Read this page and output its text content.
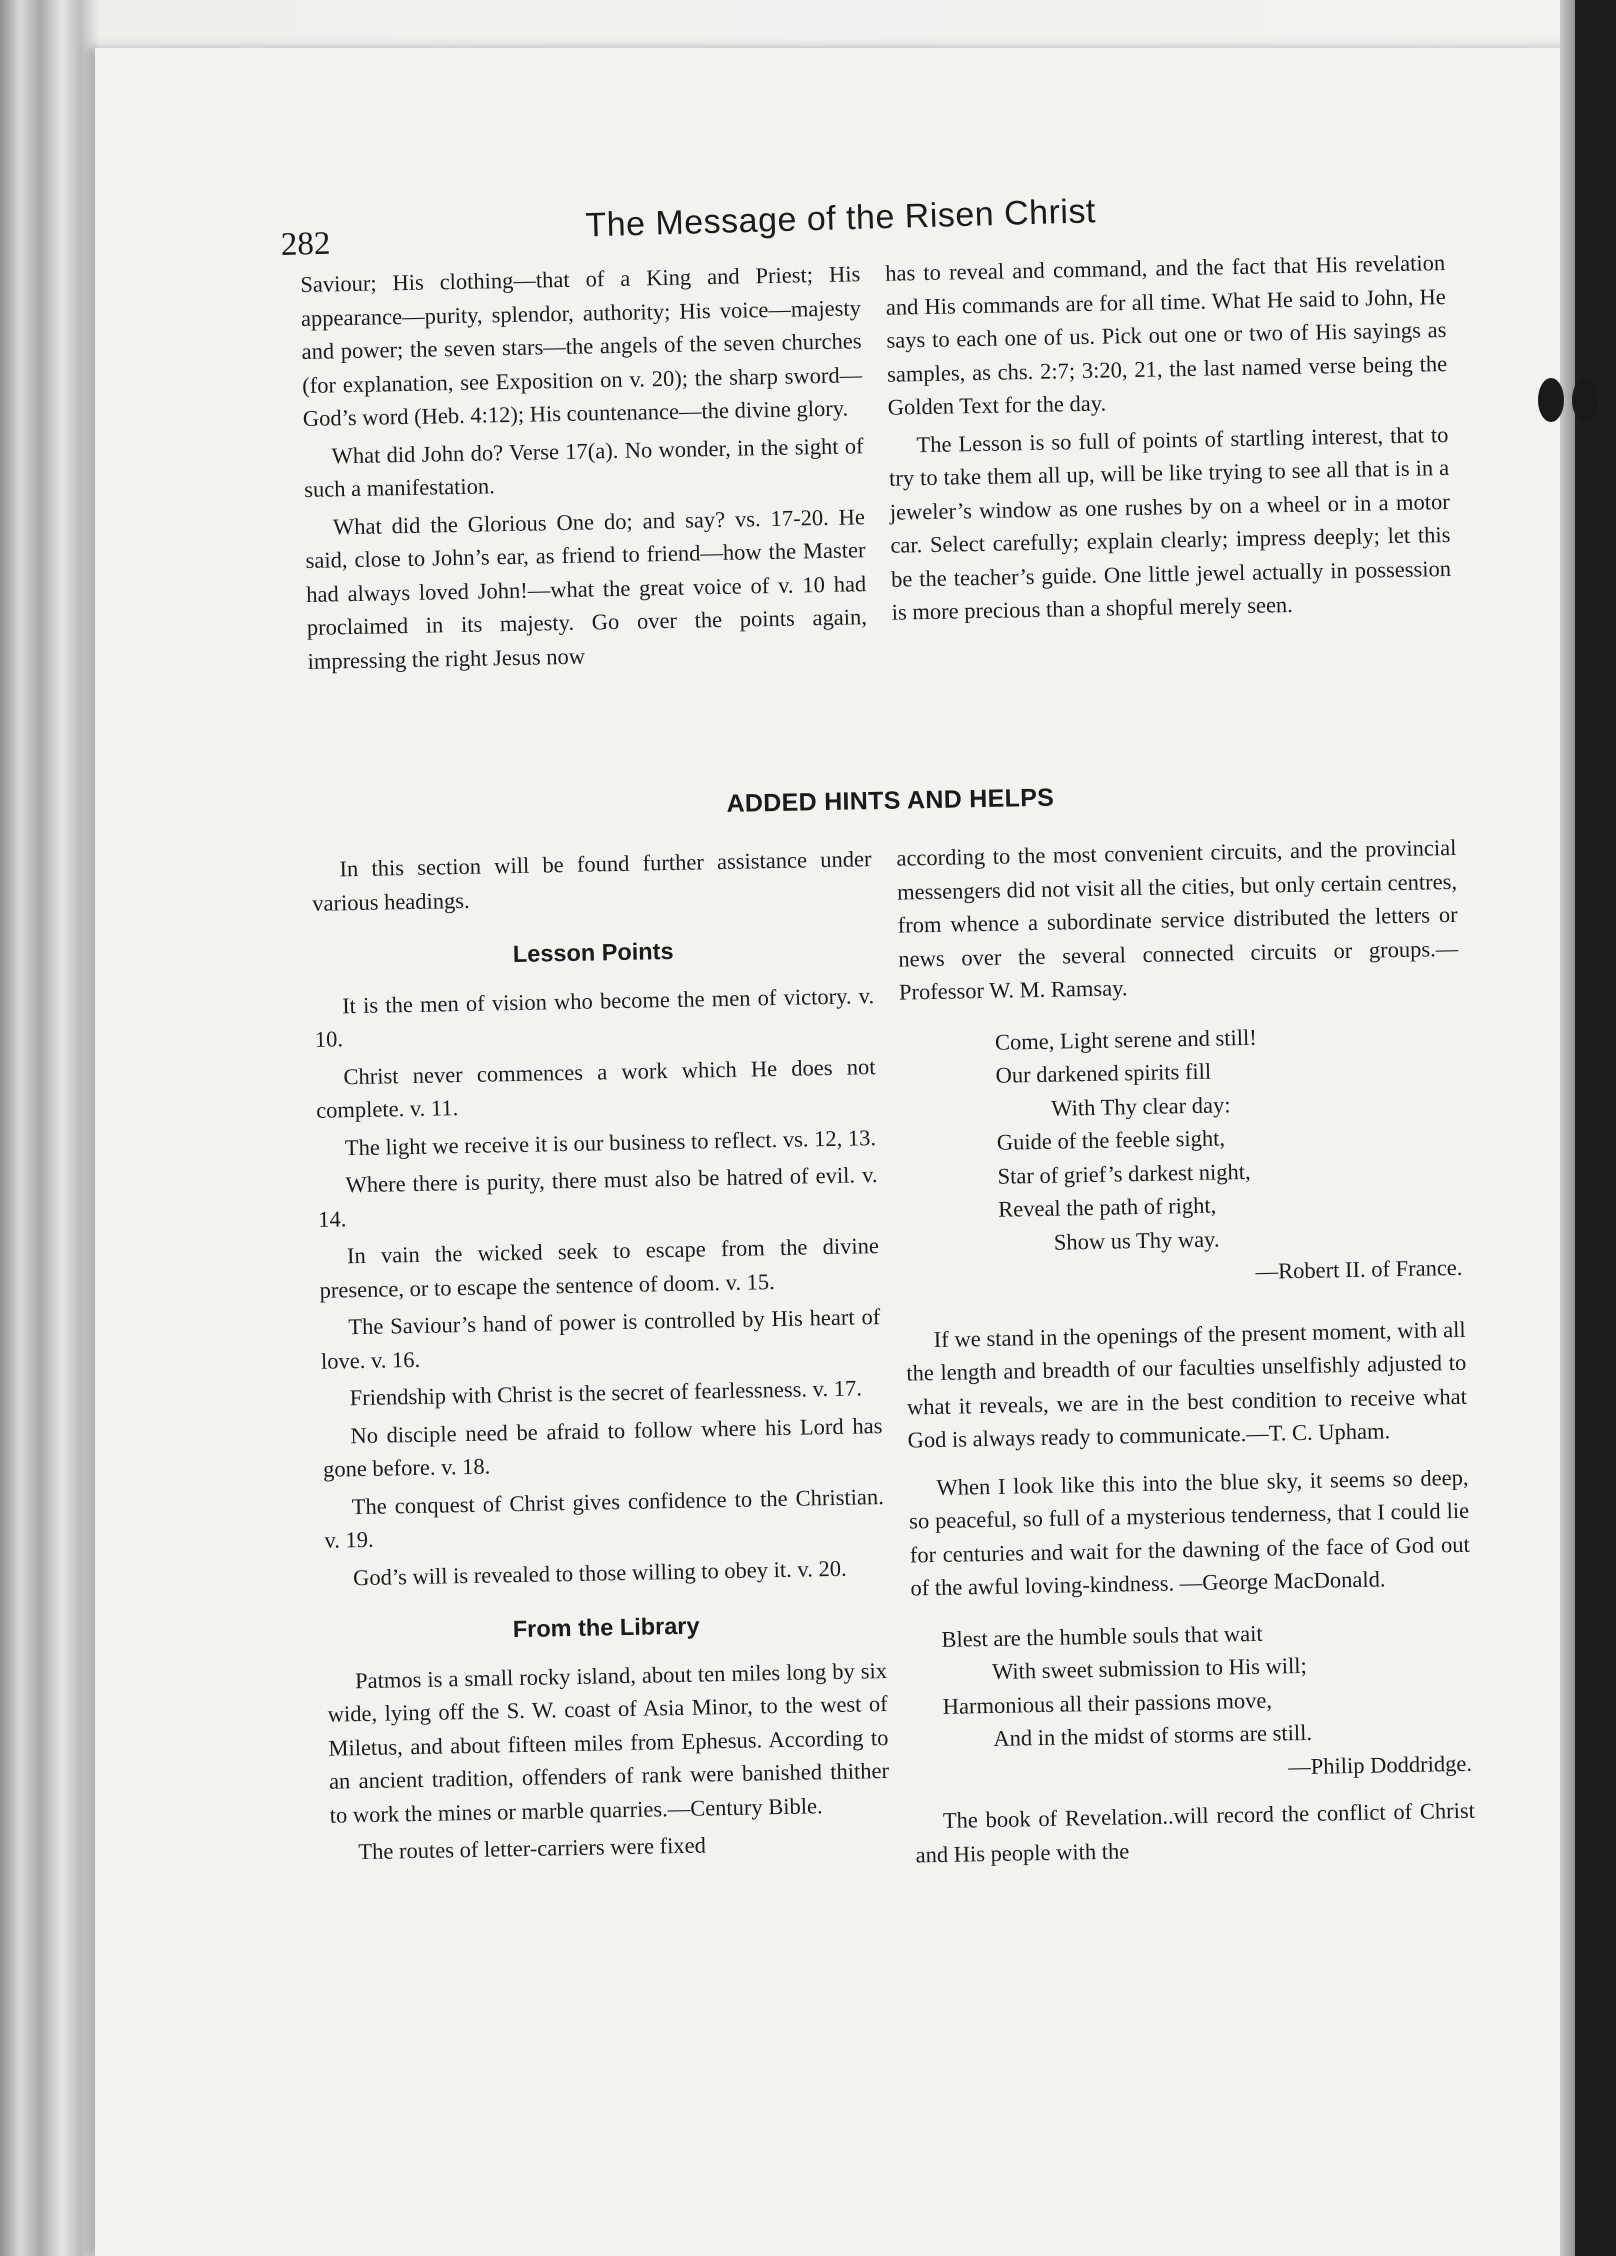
282	The Message of the Risen Christ

Saviour; His clothing—that of a King and Priest; His appearance—purity, splendor, authority; His voice—majesty and power; the seven stars—the angels of the seven churches (for explanation, see Exposition on v. 20); the sharp sword—God’s word (Heb. 4:12); His countenance—the divine glory.

What did John do? Verse 17(a). No wonder, in the sight of such a manifestation.

What did the Glorious One do; and say? vs. 17-20. He said, close to John’s ear, as friend to friend—how the Master had always loved John!—what the great voice of v. 10 had proclaimed in its majesty. Go over the points again, impressing the right Jesus now

has to reveal and command, and the fact that His revelation and His commands are for all time. What He said to John, He says to each one of us. Pick out one or two of His sayings as samples, as chs. 2:7; 3:20, 21, the last named verse being the Golden Text for the day.

The Lesson is so full of points of startling interest, that to try to take them all up, will be like trying to see all that is in a jeweler’s window as one rushes by on a wheel or in a motor car. Select carefully; explain clearly; impress deeply; let this be the teacher’s guide. One little jewel actually in possession is more precious than a shopful merely seen.

ADDED HINTS AND HELPS

In this section will be found further assistance under various headings.

Lesson Points

It is the men of vision who become the men of victory. v. 10.

Christ never commences a work which He does not complete. v. 11.

The light we receive it is our business to reflect. vs. 12, 13.

Where there is purity, there must also be hatred of evil. v. 14.

In vain the wicked seek to escape from the divine presence, or to escape the sentence of doom. v. 15.

The Saviour’s hand of power is controlled by His heart of love. v. 16.

Friendship with Christ is the secret of fearlessness. v. 17.

No disciple need be afraid to follow where his Lord has gone before. v. 18.

The conquest of Christ gives confidence to the Christian. v. 19.

God’s will is revealed to those willing to obey it. v. 20.

From the Library

Patmos is a small rocky island, about ten miles long by six wide, lying off the S. W. coast of Asia Minor, to the west of Miletus, and about fifteen miles from Ephesus. According to an ancient tradition, offenders of rank were banished thither to work the mines or marble quarries.—Century Bible.

The routes of letter-carriers were fixed

according to the most convenient circuits, and the provincial messengers did not visit all the cities, but only certain centres, from whence a subordinate service distributed the letters or news over the several connected circuits or groups.—Professor W. M. Ramsay.

Come, Light serene and still!
Our darkened spirits fill
With Thy clear day:
Guide of the feeble sight,
Star of grief’s darkest night,
Reveal the path of right,
Show us Thy way.
—Robert II. of France.

If we stand in the openings of the present moment, with all the length and breadth of our faculties unselfishly adjusted to what it reveals, we are in the best condition to receive what God is always ready to communicate.—T. C. Upham.

When I look like this into the blue sky, it seems so deep, so peaceful, so full of a mysterious tenderness, that I could lie for centuries and wait for the dawning of the face of God out of the awful loving-kindness. —George MacDonald.

Blest are the humble souls that wait
With sweet submission to His will;
Harmonious all their passions move,
And in the midst of storms are still.
—Philip Doddridge.

The book of Revelation..will record the conflict of Christ and His people with the
